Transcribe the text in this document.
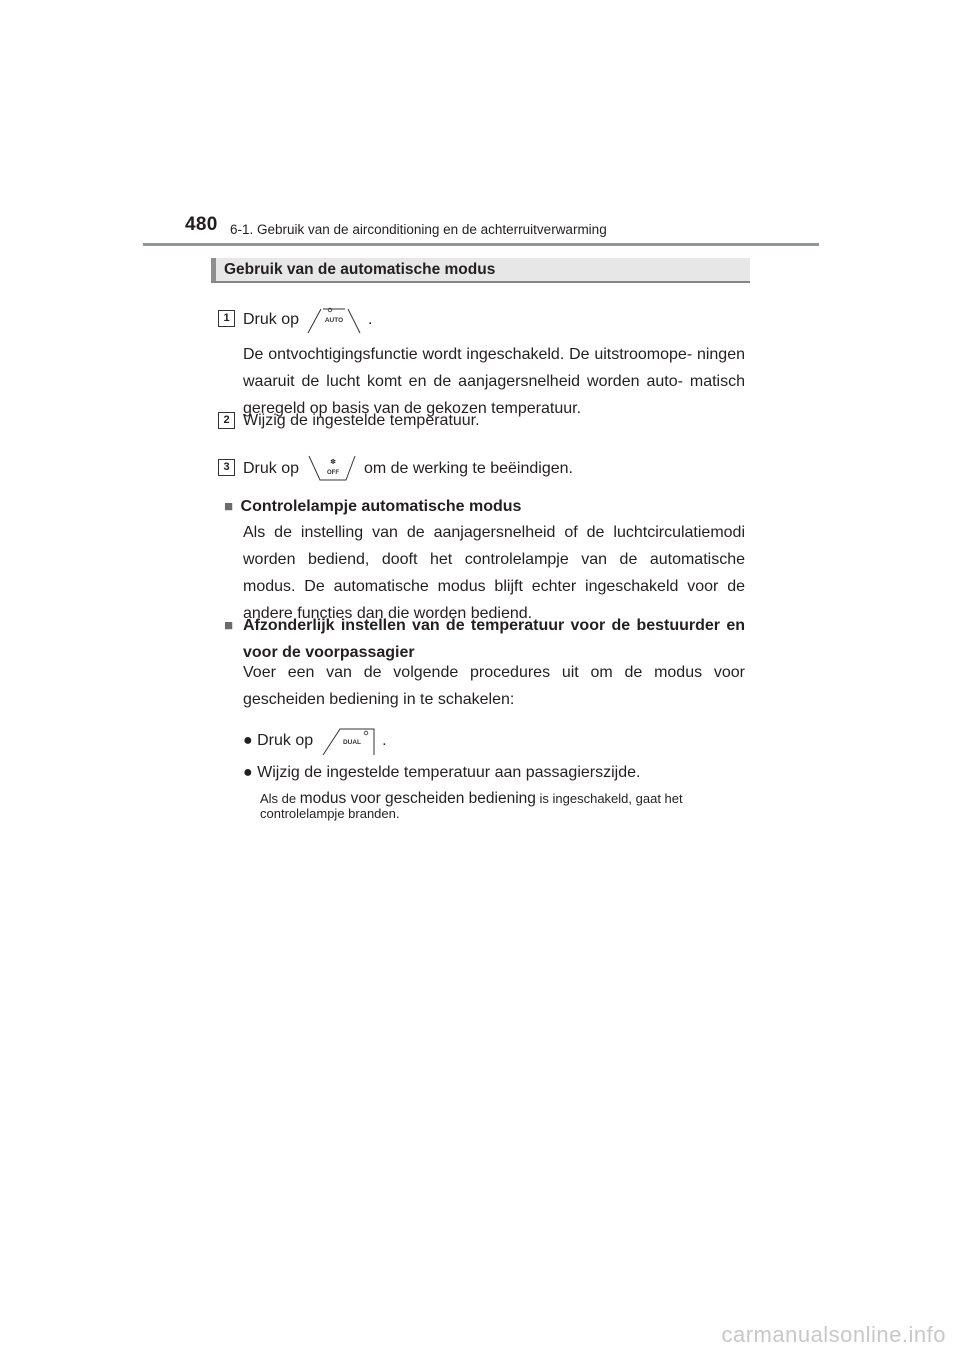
480 6-1. Gebruik van de airconditioning en de achterruitverwarming
Gebruik van de automatische modus
1 Druk op	AUTO .
De ontvochtigingsfunctie wordt ingeschakeld. De uitstroomope- ningen waaruit de lucht komt en de aanjagersnelheid worden auto- matisch geregeld op basis van de gekozen temperatuur.
2 Wijzig de ingestelde temperatuur.
3 Druk op	✽
OFF om de werking te beëindigen.
■ Controlelampje automatische modus
Als de instelling van de aanjagersnelheid of de luchtcirculatiemodi worden bediend, dooft het controlelampje van de automatische modus. De automatische modus blijft echter ingeschakeld voor de andere functies dan die worden bediend.
■ Afzonderlijk instellen van de temperatuur voor de bestuurder en voor de voorpassagier
Voer een van de volgende procedures uit om de modus voor gescheiden bediening in te schakelen:
● Druk op	DUAL .
● Wijzig de ingestelde temperatuur aan passagierszijde.
Als de modus voor gescheiden bediening is ingeschakeld, gaat het controlelampje branden.
carmanualsonline.info
